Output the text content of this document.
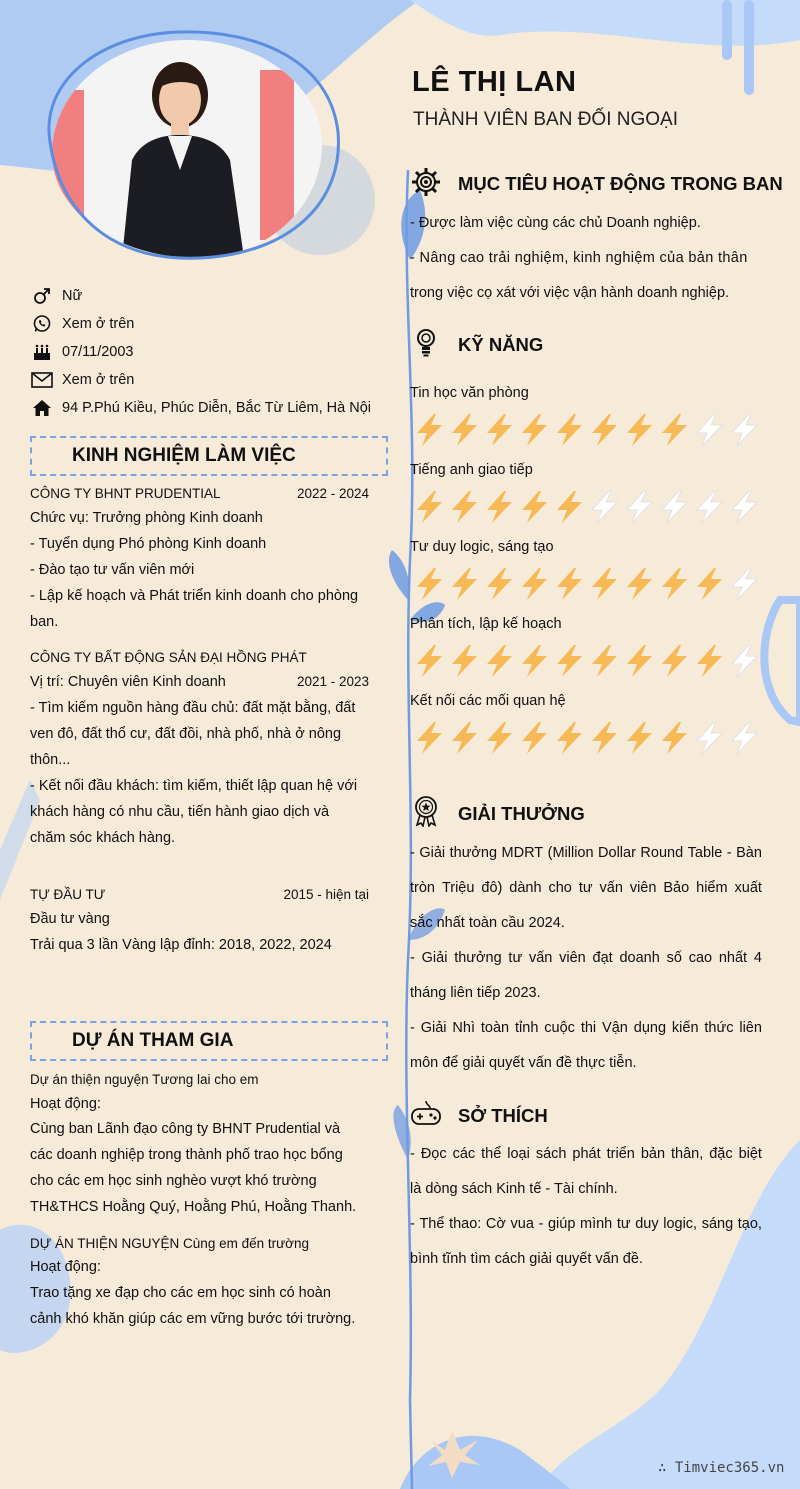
LÊ THỊ LAN
THÀNH VIÊN BAN ĐỐI NGOẠI
Nữ
Xem ở trên
07/11/2003
Xem ở trên
94 P.Phú Kiều, Phúc Diễn, Bắc Từ Liêm, Hà Nội
KINH NGHIỆM LÀM VIỆC
CÔNG TY BHNT PRUDENTIAL	2022 - 2024
Chức vụ: Trưởng phòng Kinh doanh
- Tuyển dụng Phó phòng Kinh doanh
- Đào tạo tư vấn viên mới
- Lập kế hoạch và Phát triển kinh doanh cho phòng
ban.
CÔNG TY BẤT ĐỘNG SẢN ĐẠI HỒNG PHÁT
2021 - 2023
Vị trí: Chuyên viên Kinh doanh
- Tìm kiếm nguồn hàng đầu chủ: đất mặt bằng, đất
ven đô, đất thổ cư, đất đồi, nhà phố, nhà ở nông
thôn...
- Kết nối đầu khách: tìm kiếm, thiết lập quan hệ với
khách hàng có nhu cầu, tiến hành giao dịch và
chăm sóc khách hàng.
TỰ ĐẦU TƯ	2015 - hiện tại
Đầu tư vàng
Trải qua 3 lần Vàng lập đỉnh: 2018, 2022, 2024
DỰ ÁN THAM GIA
Dự án thiện nguyện Tương lai cho em
Hoạt động:
Cùng ban Lãnh đạo công ty BHNT Prudential và
các doanh nghiệp trong thành phố trao học bổng
cho các em học sinh nghèo vượt khó trường
TH&THCS Hoằng Quý, Hoằng Phú, Hoằng Thanh.
DỰ ÁN THIỆN NGUYỆN Cùng em đến trường
Hoạt động:
Trao tặng xe đạp cho các em học sinh có hoàn
cảnh khó khăn giúp các em vững bước tới trường.
MỤC TIÊU HOẠT ĐỘNG TRONG BAN
- Được làm việc cùng các chủ Doanh nghiệp.
- Nâng cao trải nghiệm, kinh nghiệm của bản thân
trong việc cọ xát với việc vận hành doanh nghiệp.
KỸ NĂNG
Tin học văn phòng
Tiếng anh giao tiếp
Tư duy logic, sáng tạo
Phân tích, lập kế hoạch
Kết nối các mối quan hệ
GIẢI THƯỞNG
- Giải thưởng MDRT (Million Dollar Round Table - Bàn
tròn Triệu đô) dành cho tư vấn viên Bảo hiểm xuất
sắc nhất toàn cầu 2024.
- Giải thưởng tư vấn viên đạt doanh số cao nhất 4
tháng liên tiếp 2023.
- Giải Nhì toàn tỉnh cuộc thi Vận dụng kiến thức liên
môn để giải quyết vấn đề thực tiễn.
SỞ THÍCH
- Đọc các thể loại sách phát triển bản thân, đặc biệt
là dòng sách Kinh tế - Tài chính.
- Thể thao: Cờ vua - giúp mình tư duy logic, sáng tạo,
bình tĩnh tìm cách giải quyết vấn đề.
∴ Timviec365.vn
